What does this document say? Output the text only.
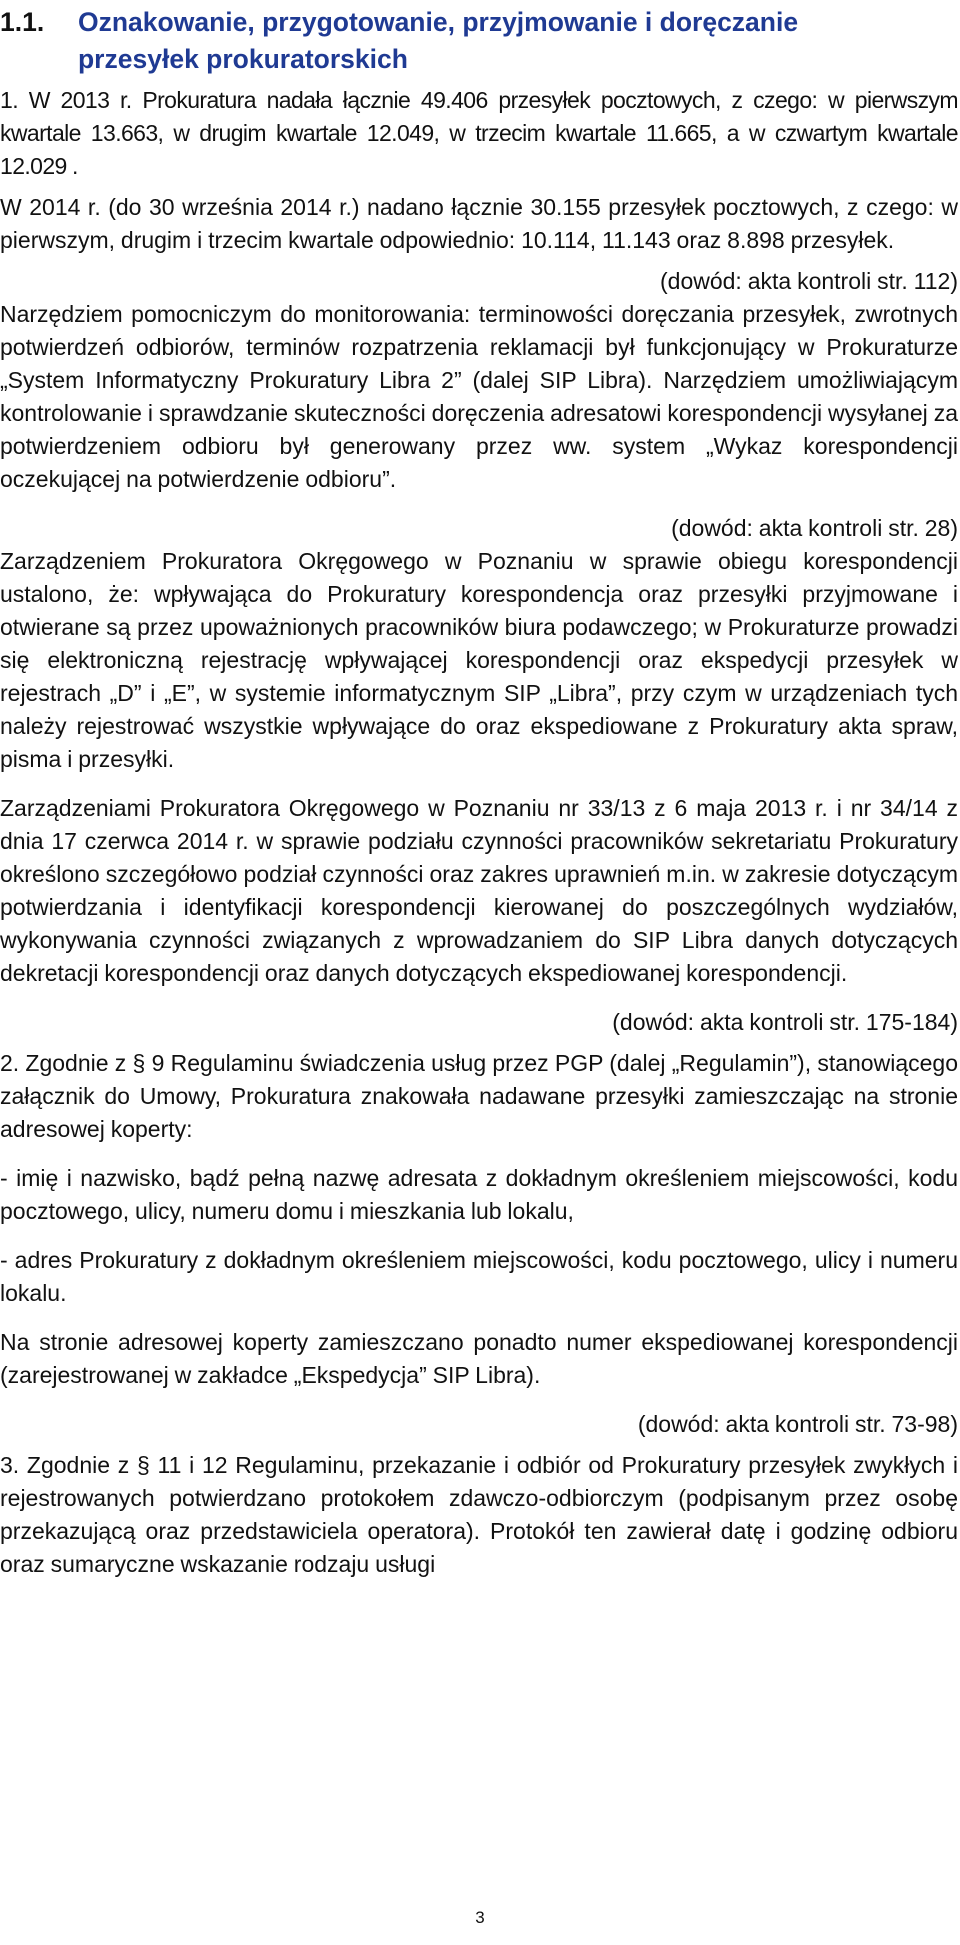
1.1. Oznakowanie, przygotowanie, przyjmowanie i doręczanie
przesyłek prokuratorskich

1. W 2013 r. Prokuratura nadała łącznie 49.406 przesyłek pocztowych, z czego: w pierwszym kwartale 13.663, w drugim kwartale 12.049, w trzecim kwartale 11.665, a w czwartym kwartale 12.029 .

W 2014 r. (do 30 września 2014 r.) nadano łącznie 30.155 przesyłek pocztowych, z czego: w pierwszym, drugim i trzecim kwartale odpowiednio: 10.114, 11.143 oraz 8.898 przesyłek.

(dowód: akta kontroli str. 112)

Narzędziem pomocniczym do monitorowania: terminowości doręczania przesyłek, zwrotnych potwierdzeń odbiorów, terminów rozpatrzenia reklamacji był funkcjonujący w Prokuraturze „System Informatyczny Prokuratury Libra 2” (dalej SIP Libra). Narzędziem umożliwiającym kontrolowanie i sprawdzanie skuteczności doręczenia adresatowi korespondencji wysyłanej za potwierdzeniem odbioru był generowany przez ww. system „Wykaz korespondencji oczekującej na potwierdzenie odbioru”.

(dowód: akta kontroli str. 28)

Zarządzeniem Prokuratora Okręgowego w Poznaniu w sprawie obiegu korespondencji ustalono, że: wpływająca do Prokuratury korespondencja oraz przesyłki przyjmowane i otwierane są przez upoważnionych pracowników biura podawczego; w Prokuraturze prowadzi się elektroniczną rejestrację wpływającej korespondencji oraz ekspedycji przesyłek w rejestrach „D” i „E”, w systemie informatycznym SIP „Libra”, przy czym w urządzeniach tych należy rejestrować wszystkie wpływające do oraz ekspediowane z Prokuratury akta spraw, pisma i przesyłki.

Zarządzeniami Prokuratora Okręgowego w Poznaniu nr 33/13 z 6 maja 2013 r. i nr 34/14 z dnia 17 czerwca 2014 r. w sprawie podziału czynności pracowników sekretariatu Prokuratury określono szczegółowo podział czynności oraz zakres uprawnień m.in. w zakresie dotyczącym potwierdzania i identyfikacji korespondencji kierowanej do poszczególnych wydziałów, wykonywania czynności związanych z wprowadzaniem do SIP Libra danych dotyczących dekretacji korespondencji oraz danych dotyczących ekspediowanej korespondencji.

(dowód: akta kontroli str. 175-184)

2. Zgodnie z § 9 Regulaminu świadczenia usług przez PGP (dalej „Regulamin”), stanowiącego załącznik do Umowy, Prokuratura znakowała nadawane przesyłki zamieszczając na stronie adresowej koperty:

- imię i nazwisko, bądź pełną nazwę adresata z dokładnym określeniem miejscowości, kodu pocztowego, ulicy, numeru domu i mieszkania lub lokalu,

- adres Prokuratury z dokładnym określeniem miejscowości, kodu pocztowego, ulicy i numeru lokalu.

Na stronie adresowej koperty zamieszczano ponadto numer ekspediowanej korespondencji (zarejestrowanej w zakładce „Ekspedycja” SIP Libra).

(dowód: akta kontroli str. 73-98)

3. Zgodnie z § 11 i 12 Regulaminu, przekazanie i odbiór od Prokuratury przesyłek zwykłych i rejestrowanych potwierdzano protokołem zdawczo-odbiorczym (podpisanym przez osobę przekazującą oraz przedstawiciela operatora). Protokół ten zawierał datę i godzinę odbioru oraz sumaryczne wskazanie rodzaju usługi

3
